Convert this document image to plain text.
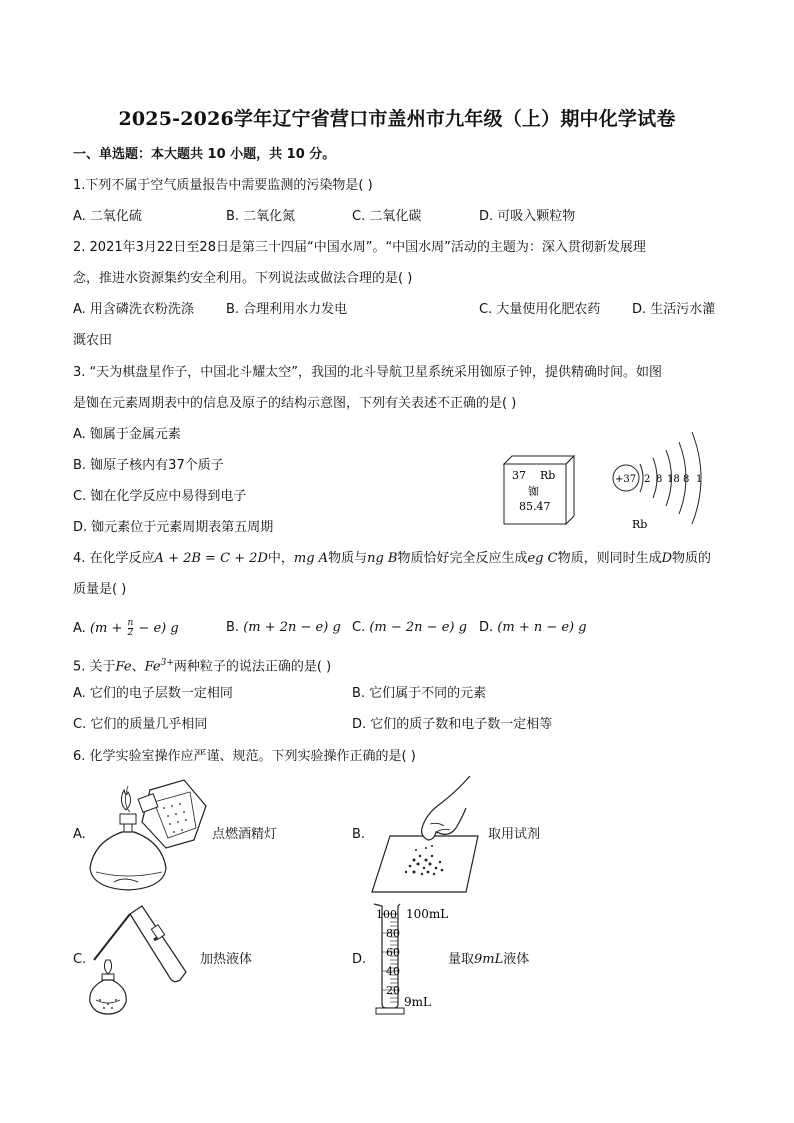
2025-2026学年辽宁省营口市盖州市九年级（上）期中化学试卷
一、单选题：本大题共 10 小题，共 10 分。
1.下列不属于空气质量报告中需要监测的污染物是( )
A. 二氧化硫	B. 二氧化氮	C. 二氧化碳	D. 可吸入颗粒物
2. 2021年3月22日至28日是第三十四届“中国水周”。“中国水周”活动的主题为：深入贯彻新发展理
念，推进水资源集约安全利用。下列说法或做法合理的是( )
A. 用含磷洗衣粉洗涤 B. 合理利用水力发电	C. 大量使用化肥农药 D. 生活污水灌
溉农田
3. “天为棋盘星作子，中国北斗耀太空”，我国的北斗导航卫星系统采用铷原子钟，提供精确时间。如图
是铷在元素周期表中的信息及原子的结构示意图，下列有关表述不正确的是( )
A. 铷属于金属元素
B. 铷原子核内有37个质子
C. 铷在化学反应中易得到电子
D. 铷元素位于元素周期表第五周期
37 Rb
铷
85.47
+37 2 8 18 8 1
Rb
4. 在化学反应A + 2B = C + 2D中，mg A物质与ng B物质恰好完全反应生成eg C物质，则同时生成D物质的
质量是( )
A. $(m + \frac{n}{2} - e)$ g	B. (m + 2n − e) g C. (m − 2n − e) g D. (m + n − e) g
5. 关于Fe、$Fe^{3+}$两种粒子的说法正确的是( )
A. 它们的电子层数一定相同	B. 它们属于不同的元素
C. 它们的质量几乎相同	D. 它们的质子数和电子数一定相等
6. 化学实验室操作应严谨、规范。下列实验操作正确的是( )
A.	点燃酒精灯	B.	取用试剂
C.	加热液体	D.
100
80
60
40
20
100mL
9mL
量取9mL液体
